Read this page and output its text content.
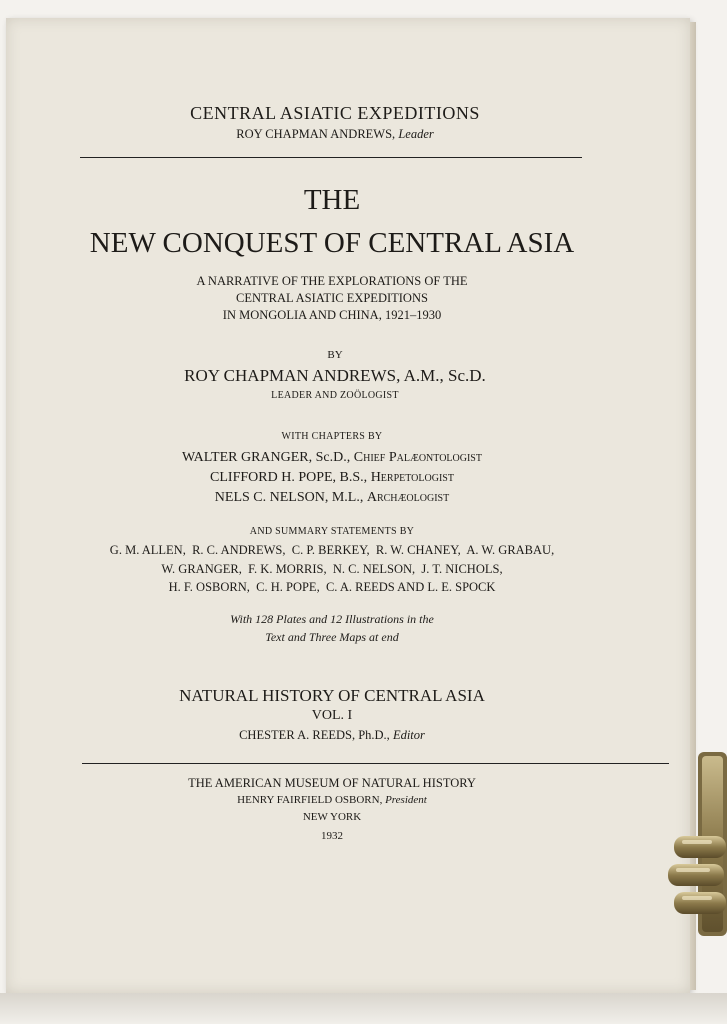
CENTRAL ASIATIC EXPEDITIONS
ROY CHAPMAN ANDREWS, Leader
THE
NEW CONQUEST OF CENTRAL ASIA
A NARRATIVE OF THE EXPLORATIONS OF THE
CENTRAL ASIATIC EXPEDITIONS
IN MONGOLIA AND CHINA, 1921–1930
BY
ROY CHAPMAN ANDREWS, A.M., Sc.D.
LEADER AND ZOÖLOGIST
WITH CHAPTERS BY
WALTER GRANGER, Sc.D., Chief Palæontologist
CLIFFORD H. POPE, B.S., Herpetologist
NELS C. NELSON, M.L., Archæologist
AND SUMMARY STATEMENTS BY
G. M. ALLEN,  R. C. ANDREWS,  C. P. BERKEY,  R. W. CHANEY,  A. W. GRABAU,
W. GRANGER,  F. K. MORRIS,  N. C. NELSON,  J. T. NICHOLS,
H. F. OSBORN,  C. H. POPE,  C. A. REEDS AND L. E. SPOCK
With 128 Plates and 12 Illustrations in the
Text and Three Maps at end
NATURAL HISTORY OF CENTRAL ASIA
VOL. I
CHESTER A. REEDS, Ph.D., Editor
THE AMERICAN MUSEUM OF NATURAL HISTORY
HENRY FAIRFIELD OSBORN, President
NEW YORK
1932
